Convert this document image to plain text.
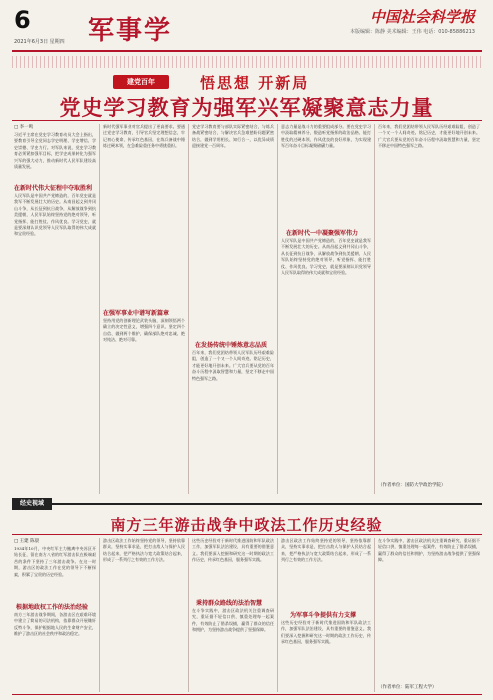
6
2021年6月3日 星期四 军事学	中国社会科学报
本版编辑：陈静 美术编辑：王伟 电话：010-85886213
建党百年	悟思想 开新局
党史学习教育为强军兴军凝聚意志力量
□ 李一鸣
习近平主席在党史学习教育动员大会上指出，要教育引导全党同志学史明理、学史增信、学史崇德、学史力行。对军队来说，党史学习教育必须紧扣强军目标，把学史成果转化为强军兴军的强大动力，推动新时代人民军队建设高质量发展。
在新时代伟大征程中夺取胜利
人民军队是中国共产党缔造的，百年党史就是我军不断发展壮大的历史。从南昌起义到井冈山斗争，从长征到抗日战争，从解放战争到抗美援朝，人民军队始终坚持党的绝对领导，听党指挥、能打胜仗、作风优良。学习党史，就是要深刻认识党领导人民军队取得的伟大成就和宝贵经验。
新时代强军事业对官兵提出了更高要求。要通过党史学习教育，引导官兵坚定理想信念，牢记初心使命，传承红色基因，在练兵备战中锤炼过硬本领，在急难险重任务中勇挑重担。
在强军事业中谱写新篇章
坚持用党的创新理论武装头脑，深刻领悟两个确立的决定性意义，增强四个意识、坚定四个自信、做到两个维护，确保部队绝对忠诚、绝对纯洁、绝对可靠。
党史学习教育要与部队实际紧密结合，与练兵备战紧密结合，与解决官兵急难愁盼问题紧密结合，做到学用相长、知行合一，以优异成绩迎接建党一百周年。
在发扬传统中锤炼意志品质
百年来，我们党团结带领人民军队历经艰难险阻，创造了一个又一个人间奇迹。铭记历史，才能更好地开创未来。广大官兵要从党的百年奋斗历程中汲取智慧和力量，坚定不移走中国特色强军之路。
意志力量是战斗力的重要组成部分。要在党史学习中汲取精神养分，锻造听党指挥的政治品格、能打胜仗的过硬本领、作风优良的良好形象，为实现建军百年奋斗目标凝聚磅礴力量。
在新时代一中凝聚强军伟力
人民军队是中国共产党缔造的，百年党史就是我军不断发展壮大的历史。从南昌起义到井冈山斗争，从长征到抗日战争，从解放战争到抗美援朝，人民军队始终坚持党的绝对领导，听党指挥、能打胜仗、作风优良。学习党史，就是要深刻认识党领导人民军队取得的伟大成就和宝贵经验。
百年来，我们党团结带领人民军队历经艰难险阻，创造了一个又一个人间奇迹。铭记历史，才能更好地开创未来。广大官兵要从党的百年奋斗历程中汲取智慧和力量，坚定不移走中国特色强军之路。
（作者单位：国防大学政治学院）
经史视域
南方三年游击战争中政法工作历史经验
□ 王建 陈晨
1934年10月，中央红军主力撤离中央苏区开始长征，留在南方八省的红军游击队在极端艰苦的条件下坚持了三年游击战争。在这一时期，游击区的政法工作在党的领导下不断探索，积累了宝贵的历史经验。
根据地政权工作的法治经验
南方三年游击战争期间，各游击区在艰难环境中建立了简易的司法机构，依靠群众开展锄奸反特斗争，保护根据地人民的生命财产安全，维护了游击区的社会秩序和政治稳定。
游击区政法工作始终坚持党的领导，坚持依靠群众，坚持实事求是，把打击敌人与保护人民结合起来，把严格执法与宽大政策结合起来，形成了一系列行之有效的工作方法。
这些历史经验对于新时代推进国防和军队政法工作，加强军队法治建设，具有重要的借鉴意义。我们要深入挖掘和研究这一时期的政法工作历史，传承红色基因，服务强军实践。
秉持群众路线的法治智慧
在斗争实践中，游击区政法机关注重调查研究，重证据不轻信口供，慎重处理每一起案件，有效防止了错杀误捕，赢得了群众的信任和拥护，为坚持游击战争提供了坚强保障。
游击区政法工作始终坚持党的领导，坚持依靠群众，坚持实事求是，把打击敌人与保护人民结合起来，把严格执法与宽大政策结合起来，形成了一系列行之有效的工作方法。
为军事斗争提供有力支撑
这些历史经验对于新时代推进国防和军队政法工作，加强军队法治建设，具有重要的借鉴意义。我们要深入挖掘和研究这一时期的政法工作历史，传承红色基因，服务强军实践。
在斗争实践中，游击区政法机关注重调查研究，重证据不轻信口供，慎重处理每一起案件，有效防止了错杀误捕，赢得了群众的信任和拥护，为坚持游击战争提供了坚强保障。
（作者单位：陆军工程大学）
